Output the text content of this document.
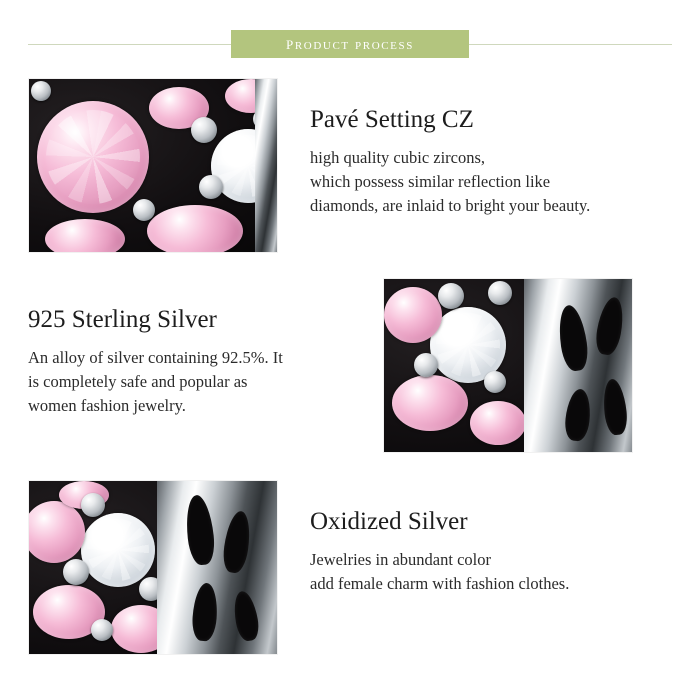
product process
Pavé Setting CZ
high quality cubic zircons,
which possess similar reflection like
diamonds, are inlaid to bright your beauty.
925 Sterling Silver
An alloy of silver containing 92.5%. It
is completely safe and popular as
women fashion jewelry.
Oxidized Silver
Jewelries in abundant color
add female charm with fashion clothes.
